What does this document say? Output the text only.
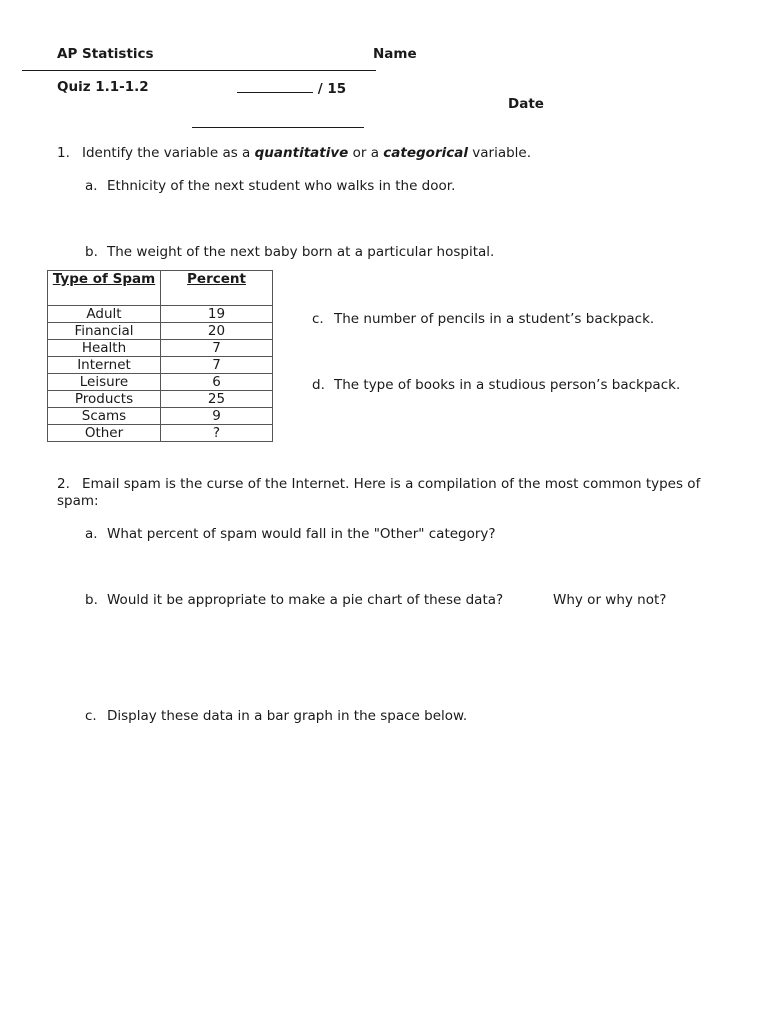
AP Statistics	Name
Quiz 1.1-1.2	/ 15
Date
1. Identify the variable as a quantitative or a categorical variable.
a. Ethnicity of the next student who walks in the door.
b. The weight of the next baby born at a particular hospital.
c. The number of pencils in a student’s backpack.
d. The type of books in a studious person’s backpack.
Type of Spam	Percent
Adult	19
Financial	20
Health	7
Internet	7
Leisure	6
Products	25
Scams	9
Other	?
2. Email spam is the curse of the Internet. Here is a compilation of the most common types of spam:
a. What percent of spam would fall in the "Other" category?
b. Would it be appropriate to make a pie chart of these data?	Why or why not?
c. Display these data in a bar graph in the space below.
